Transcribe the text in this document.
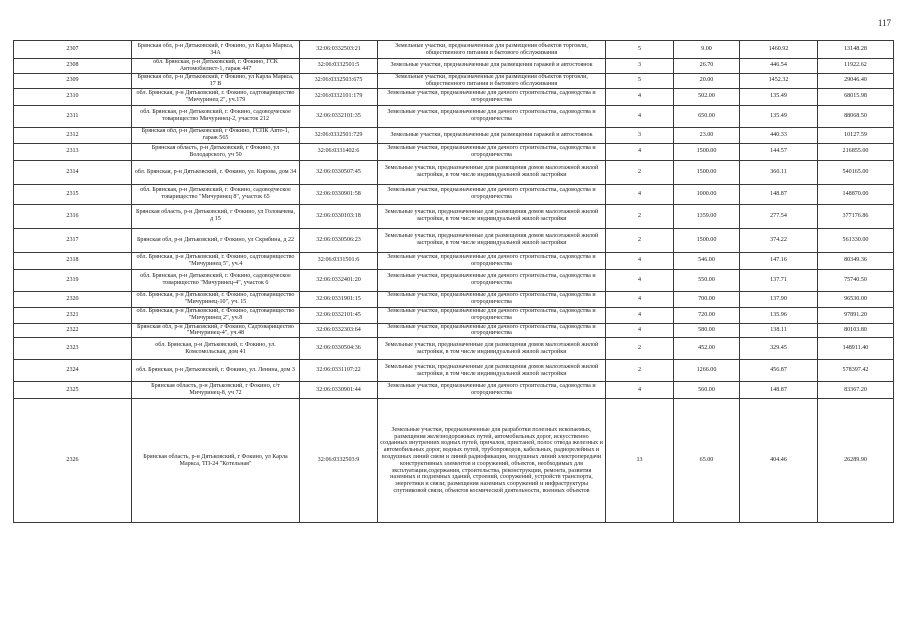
117
2307	Брянская обл, р-н Дятьковский, г Фокино, ул Карла Маркса, 34А	32:06:0332503:21	Земельные участки, предназначенные для размещения объектов торговли, общественного питания и бытового обслуживания	5	9.00	1460.92	13148.28
2308	обл. Брянская, р-н Дятьковский, г. Фокино, ГСК Автомобилист-1, гараж 447	32:06:0332501:5	Земельные участки, предназначенные для размещения гаражей и автостоянок	3	26.70	446.54	11922.62
2309	Брянская обл, р-н Дятьковский, г Фокино, ул Карла Маркса, 17 В	32:06:0332503:675	Земельные участки, предназначенные для размещения объектов торговли, общественного питания и бытового обслуживания	5	20.00	1452.32	29046.40
2310	обл. Брянская, р-н Дятьковский, г. Фокино, садтоварищество "Мичуринец 2", уч.179	32:06:0332101:179	Земельные участки, предназначенные для дачного строительства, садоводства и огородничества	4	502.00	135.49	68015.98
2311	обл. Брянская, р-н Дятьковский, г. Фокино, садоводческое товарищество Мичуринец-2, участок 212	32:06:0332101:35	Земельные участки, предназначенные для дачного строительства, садоводства и огородничества	4	650.00	135.49	88068.50
2312	Брянская обл, р-н Дятьковский, г Фокино, ГСПК Авто-1, гараж 565	32:06:0332501:729	Земельные участки, предназначенные для размещения гаражей и автостоянок	3	23.00	440.33	10127.59
2313	Брянская область, р-н Дятьковский, г Фокино, ул Володарского, уч 50	32:06:0331402:6	Земельные участки, предназначенные для дачного строительства, садоводства и огородничества	4	1500.00	144.57	216855.00
2314	обл. Брянская, р-н Дятьковский, г. Фокино, ул. Кирова, дом 34	32:06:0330507:45	Земельные участки, предназначенные для размещения домов малоэтажной жилой застройки, в том числе индивидуальной жилой застройки	2	1500.00	360.11	540165.00
2315	обл. Брянская, р-н Дятьковский, г. Фокино, садоводческое товарищество "Мичуринец 8", участок 65	32:06:0330901:58	Земельные участки, предназначенные для дачного строительства, садоводства и огородничества	4	1000.00	148.87	148870.00
2316	Брянская область, р-н Дятьковский, г Фокино, ул Головачева, д 15	32:06:0330103:18	Земельные участки, предназначенные для размещения домов малоэтажной жилой застройки, в том числе индивидуальной жилой застройки	2	1359.00	277.54	377176.86
2317	Брянская обл, р-н Дятьковский, г Фокино, ул Скрябина, д 22	32:06:0330506:23	Земельные участки, предназначенные для размещения домов малоэтажной жилой застройки, в том числе индивидуальной жилой застройки	2	1500.00	374.22	561330.00
2318	обл. Брянская, р-н Дятьковский, г. Фокино, садтоварищество "Мичуринец 5", уч.4	32:06:0331501:6	Земельные участки, предназначенные для дачного строительства, садоводства и огородничества	4	546.00	147.16	80349.36
2319	обл. Брянская, р-н Дятьковский, г. Фокино, садоводческое товарищество "Мичуринец-4", участок 6	32:06:0332401:20	Земельные участки, предназначенные для дачного строительства, садоводства и огородничества	4	550.00	137.71	75740.50
2320	обл. Брянская, р-н Дятьковский, г. Фокино, садтоварищество "Мичуринец-10", уч. 15	32:06:0331901:15	Земельные участки, предназначенные для дачного строительства, садоводства и огородничества	4	700.00	137.90	96530.00
2321	обл. Брянская, р-н Дятьковский, г. Фокино, садтоварищество "Мичуринец 2", уч.8	32:06:0332101:45	Земельные участки, предназначенные для дачного строительства, садоводства и огородничества	4	720.00	135.96	97891.20
2322	Брянская обл, р-н Дятьковский, г Фокино, Садтоварищество "Мичуринец-4", уч.48	32:06:0332303:64	Земельные участки, предназначенные для дачного строительства, садоводства и огородничества	4	580.00	138.11	80103.80
2323	обл. Брянская, р-н Дятьковский, г. Фокино, ул. Комсомольская, дом 41	32:06:0330504:36	Земельные участки, предназначенные для размещения домов малоэтажной жилой застройки, в том числе индивидуальной жилой застройки	2	452.00	329.45	148911.40
2324	обл. Брянская, р-н Дятьковский, г. Фокино, ул. Ленина, дом 3	32:06:0331107:22	Земельные участки, предназначенные для размещения домов малоэтажной жилой застройки, в том числе индивидуальной жилой застройки	2	1266.00	456.87	578397.42
2325	Брянская область, р-н Дятьковский, г Фокино, с/т Мичуринец-8, уч 72	32:06:0330901:44	Земельные участки, предназначенные для дачного строительства, садоводства и огородничества	4	560.00	148.87	83367.20
2326	Брянская область, р-н Дятьковский, г Фокино, ул Карла Маркса, ТП-24 "Котельная"	32:06:0332503:9	Земельные участки, предназначенные для разработки полезных ископаемых, размещения железнодорожных путей, автомобильных дорог, искусственно созданных внутренних водных путей, причалов, пристаней, полос отвода железных и автомобильных дорог, водных путей, трубопроводов, кабельных, радиорелейных и воздушных линий связи и линий радиофикации, воздушных линий электропередачи конструктивных элементов и сооружений, объектов, необходимых для эксплуатации,содержания, строительства, реконструкции, ремонта, развития наземных и подземных зданий, строений, сооружений, устройств транспорта, энергетики и связи; размещения наземных сооружений и инфраструктуры спутниковой связи, объектов космической деятельности, военных объектов	13	65.00	404.46	26289.90
